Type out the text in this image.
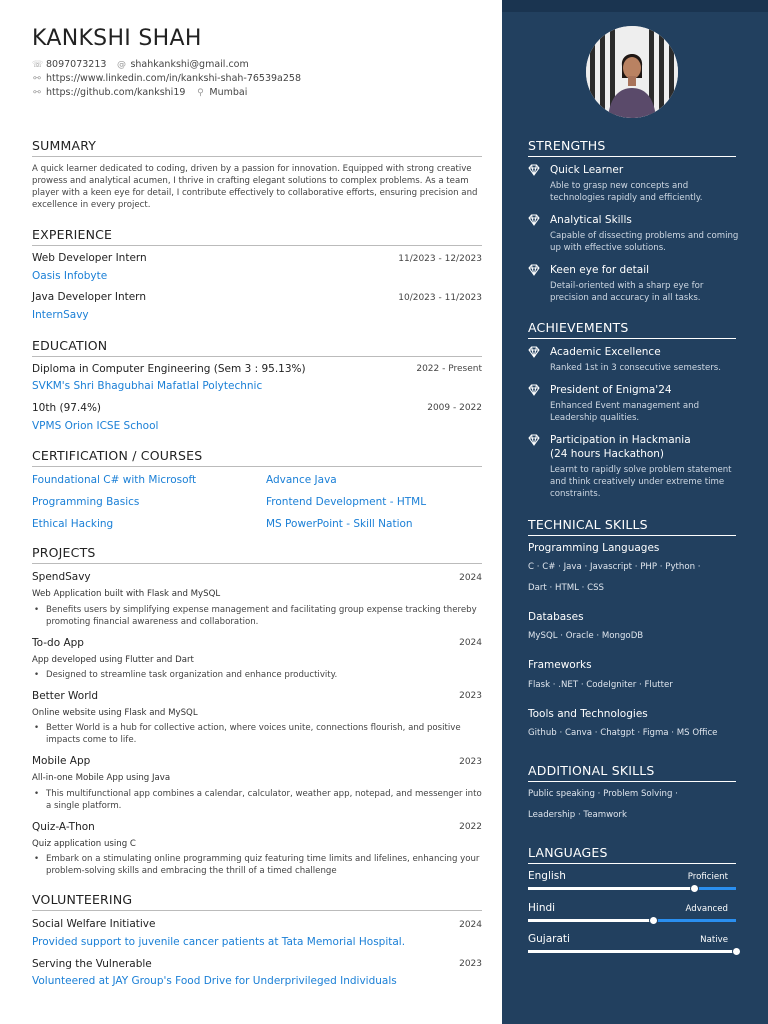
KANKSHI SHAH
☏ 8097073213 @ shahkankshi@gmail.com
⚯ https://www.linkedin.com/in/kankshi-shah-76539a258
⚯ https://github.com/kankshi19 ⚲ Mumbai
SUMMARY
A quick learner dedicated to coding, driven by a passion for innovation. Equipped with strong creative prowess and analytical acumen, I thrive in crafting elegant solutions to complex problems. As a team player with a keen eye for detail, I contribute effectively to collaborative efforts, ensuring precision and excellence in every project.
EXPERIENCE
Web Developer Intern	11/2023 - 12/2023
Oasis Infobyte
Java Developer Intern	10/2023 - 11/2023
InternSavy
EDUCATION
Diploma in Computer Engineering (Sem 3 : 95.13%)	2022 - Present
SVKM's Shri Bhagubhai Mafatlal Polytechnic
10th (97.4%)	2009 - 2022
VPMS Orion ICSE School
CERTIFICATION / COURSES
Foundational C# with Microsoft	Advance Java
Programming Basics	Frontend Development - HTML
Ethical Hacking	MS PowerPoint - Skill Nation
PROJECTS
SpendSavy	2024
Web Application built with Flask and MySQL
• Benefits users by simplifying expense management and facilitating group expense tracking thereby promoting financial awareness and collaboration.
To-do App	2024
App developed using Flutter and Dart
• Designed to streamline task organization and enhance productivity.
Better World	2023
Online website using Flask and MySQL
• Better World is a hub for collective action, where voices unite, connections flourish, and positive impacts come to life.
Mobile App	2023
All-in-one Mobile App using Java
• This multifunctional app combines a calendar, calculator, weather app, notepad, and messenger into a single platform.
Quiz-A-Thon	2022
Quiz application using C
• Embark on a stimulating online programming quiz featuring time limits and lifelines, enhancing your problem-solving skills and embracing the thrill of a timed challenge
VOLUNTEERING
Social Welfare Initiative	2024
Provided support to juvenile cancer patients at Tata Memorial Hospital.
Serving the Vulnerable	2023
Volunteered at JAY Group's Food Drive for Underprivileged Individuals
STRENGTHS
Quick Learner
Able to grasp new concepts and technologies rapidly and efficiently.
Analytical Skills
Capable of dissecting problems and coming up with effective solutions.
Keen eye for detail
Detail-oriented with a sharp eye for precision and accuracy in all tasks.
ACHIEVEMENTS
Academic Excellence
Ranked 1st in 3 consecutive semesters.
President of Enigma'24
Enhanced Event management and Leadership qualities.
Participation in Hackmania (24 hours Hackathon)
Learnt to rapidly solve problem statement and think creatively under extreme time constraints.
TECHNICAL SKILLS
Programming Languages
C · C# · Java · Javascript · PHP · Python ·
Dart · HTML · CSS
Databases
MySQL · Oracle · MongoDB
Frameworks
Flask · .NET · CodeIgniter · Flutter
Tools and Technologies
Github · Canva · Chatgpt · Figma · MS Office
ADDITIONAL SKILLS
Public speaking · Problem Solving ·
Leadership · Teamwork
LANGUAGES
English	Proficient
Hindi	Advanced
Gujarati	Native
